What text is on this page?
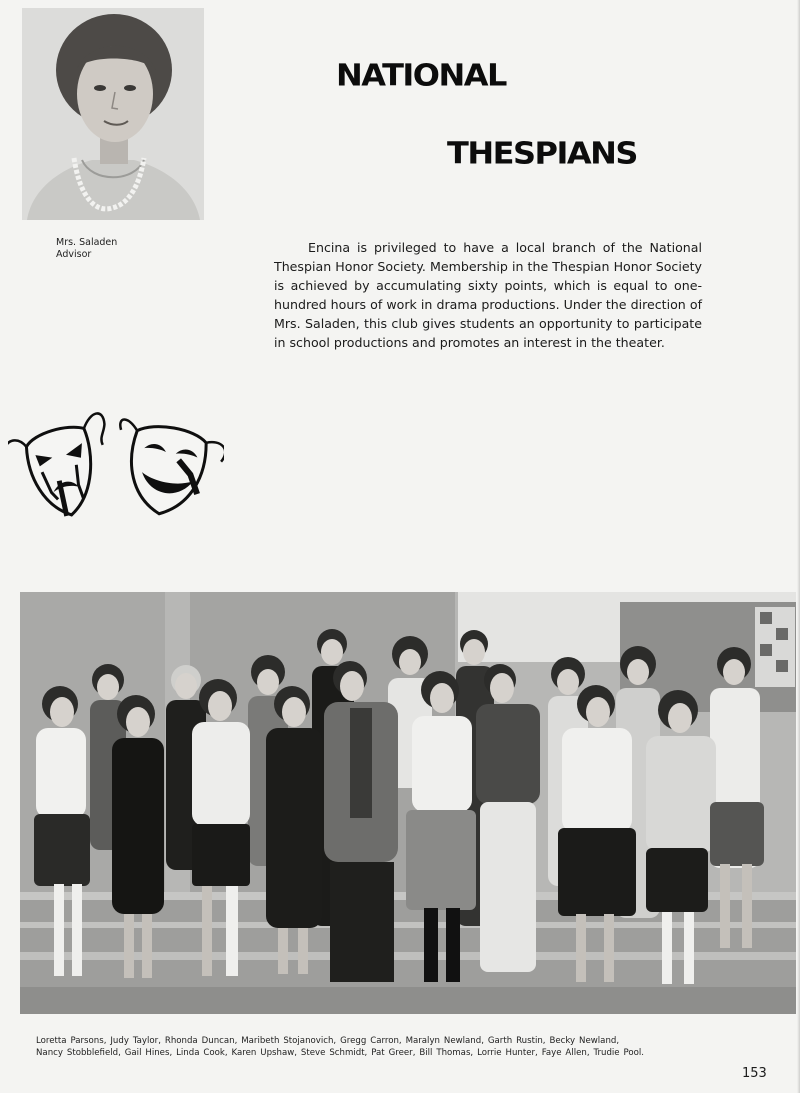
Mrs. Saladen
Advisor
NATIONAL
THESPIANS
Encina is privileged to have a local branch of the National Thespian Honor Society. Membership in the Thespian Honor Society is achieved by accumulating sixty points, which is equal to one-hundred hours of work in drama productions. Under the direction of Mrs. Saladen, this club gives students an opportunity to participate in school productions and promotes an interest in the theater.
Loretta Parsons, Judy Taylor, Rhonda Duncan, Maribeth Stojanovich, Gregg Carron, Maralyn Newland, Garth Rustin, Becky Newland,
Nancy Stobblefield, Gail Hines, Linda Cook, Karen Upshaw, Steve Schmidt, Pat Greer, Bill Thomas, Lorrie Hunter, Faye Allen, Trudie Pool.
153
